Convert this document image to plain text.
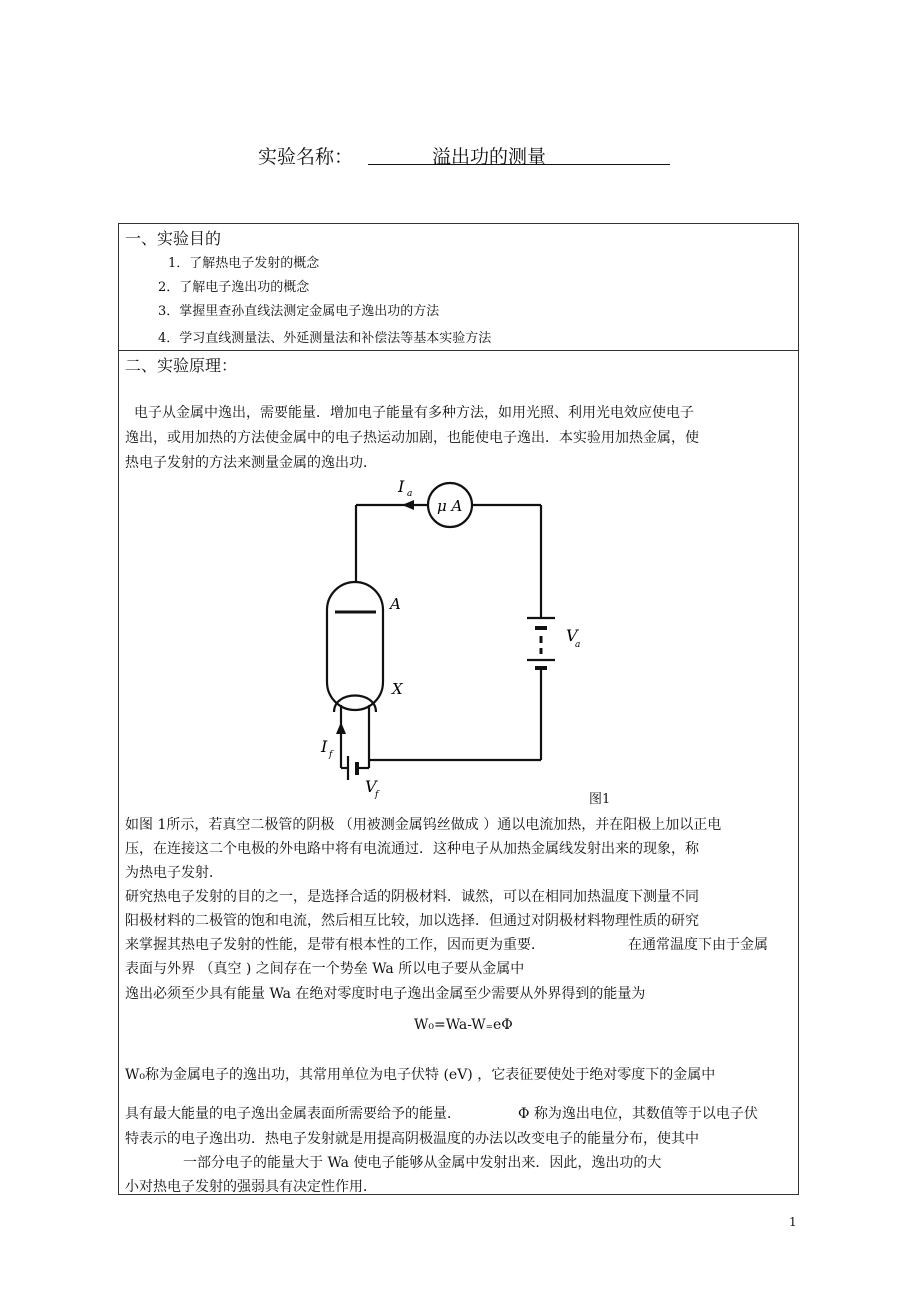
实验名称：	溢出功的测量
一、实验目的
1．了解热电子发射的概念
2．了解电子逸出功的概念
3．掌握里查孙直线法测定金属电子逸出功的方法
4．学习直线测量法、外延测量法和补偿法等基本实验方法
二、实验原理：
电子从金属中逸出，需要能量．增加电子能量有多种方法，如用光照、利用光电效应使电子
逸出，或用加热的方法使金属中的电子热运动加剧，也能使电子逸出．本实验用加热金属，使
热电子发射的方法来测量金属的逸出功．
I a
μ A
A
X
V
a
I f
V
f	图1
如图 1所示，若真空二极管的阴极 （用被测金属钨丝做成 ）通以电流加热，并在阳极上加以正电
压，在连接这二个电极的外电路中将有电流通过．这种电子从加热金属线发射出来的现象，称
为热电子发射．
研究热电子发射的目的之一，是选择合适的阴极材料．诚然，可以在相同加热温度下测量不同
阳极材料的二极管的饱和电流，然后相互比较，加以选择．但通过对阴极材料物理性质的研究
来掌握其热电子发射的性能，是带有根本性的工作，因而更为重要．	在通常温度下由于金属
表面与外界 （真空 ) 之间存在一个势垒 Wa 所以电子要从金属中
逸出必须至少具有能量 Wa 在绝对零度时电子逸出金属至少需要从外界得到的能量为
W₀=Wa-W₌eΦ
W₀称为金属电子的逸出功，其常用单位为电子伏特 (eV) ，它表征要使处于绝对零度下的金属中
具有最大能量的电子逸出金属表面所需要给予的能量．	Φ 称为逸出电位，其数值等于以电子伏
特表示的电子逸出功．热电子发射就是用提高阴极温度的办法以改变电子的能量分布，使其中
一部分电子的能量大于 Wa 使电子能够从金属中发射出来．因此，逸出功的大
小对热电子发射的强弱具有决定性作用．
1
